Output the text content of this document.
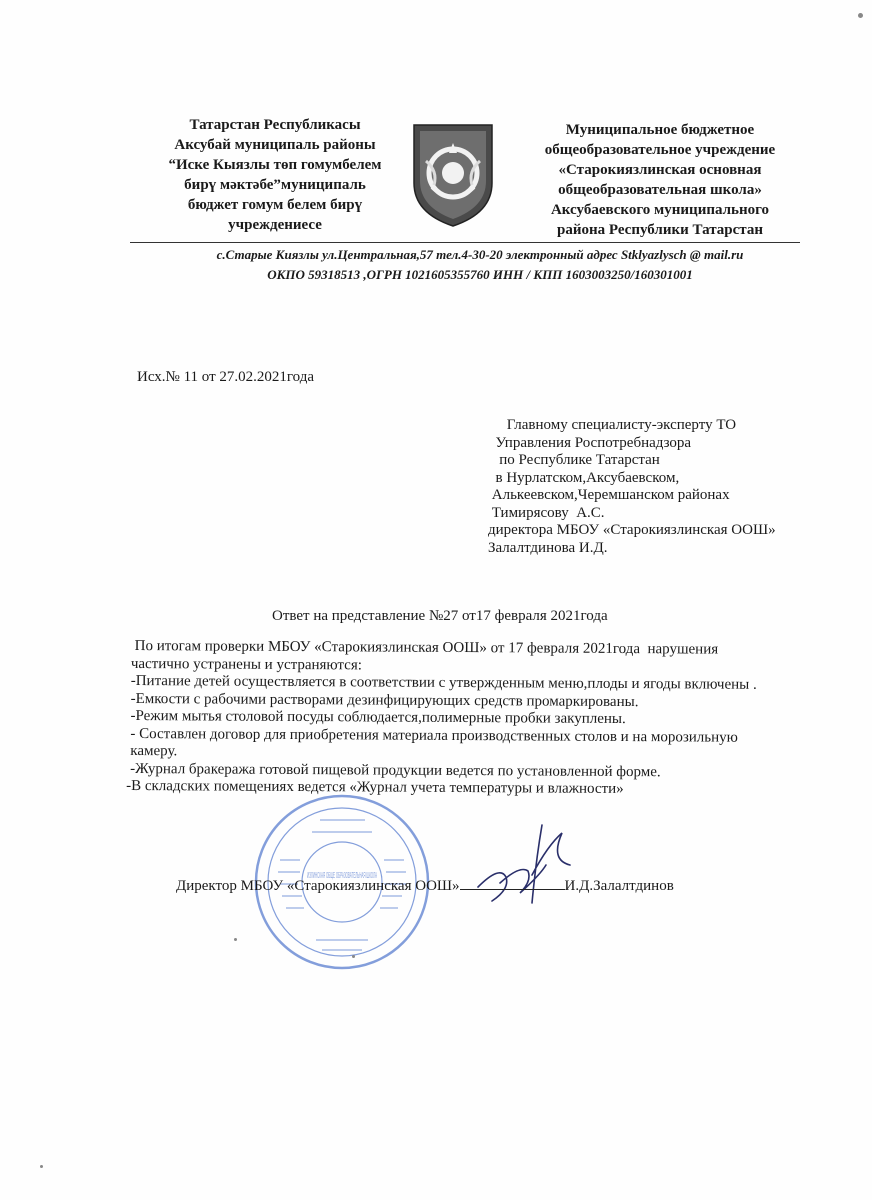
Татарстан Республикасы
Аксубай муниципаль районы
“Иске Кыязлы төп гомумбелем
бирү мәктәбе”муниципаль
бюджет гомум белем бирү
учреждениесе
Муниципальное бюджетное
общеобразовательное учреждение
«Старокиязлинская основная
общеобразовательная школа»
Аксубаевского муниципального
района Республики Татарстан
с.Старые Киязлы ул.Центральная,57 тел.4-30-20 электронный адрес Stklyazlysch @ mail.ru
ОКПО 59318513 ,ОГРН 1021605355760 ИНН / КПП 1603003250/160301001
Исх.№ 11 от 27.02.2021года
Главному специалисту-эксперту ТО
Управления Роспотребнадзора
по Республике Татарстан
в Нурлатском,Аксубаевском,
Алькеевском,Черемшанском районах
Тимирясову  А.С.
директора МБОУ «Старокиязлинская ООШ»
Залалтдинова И.Д.
Ответ на представление №27 от17 февраля 2021года
По итогам проверки МБОУ «Старокиязлинская ООШ» от 17 февраля 2021года  нарушения
частично устранены и устраняются:
-Питание детей осуществляется в соответствии с утвержденным меню,плоды и ягоды включены .
-Емкости с рабочими растворами дезинфицирующих средств промаркированы.
-Режим мытья столовой посуды соблюдается,полимерные пробки закуплены.
- Составлен договор для приобретения материала производственных столов и на морозильную
камеру.
-Журнал бракеража готовой пищевой продукции ведется по установленной форме.
-В складских помещениях ведется «Журнал учета температуры и влажности»
ИЗЛИНСКАЯ ОБЩЕ ОБРАЗОВАТЕЛЬНАЯ ШКОЛА
Директор МБОУ «Старокиязлинская ООШ»	И.Д.Залалтдинов
